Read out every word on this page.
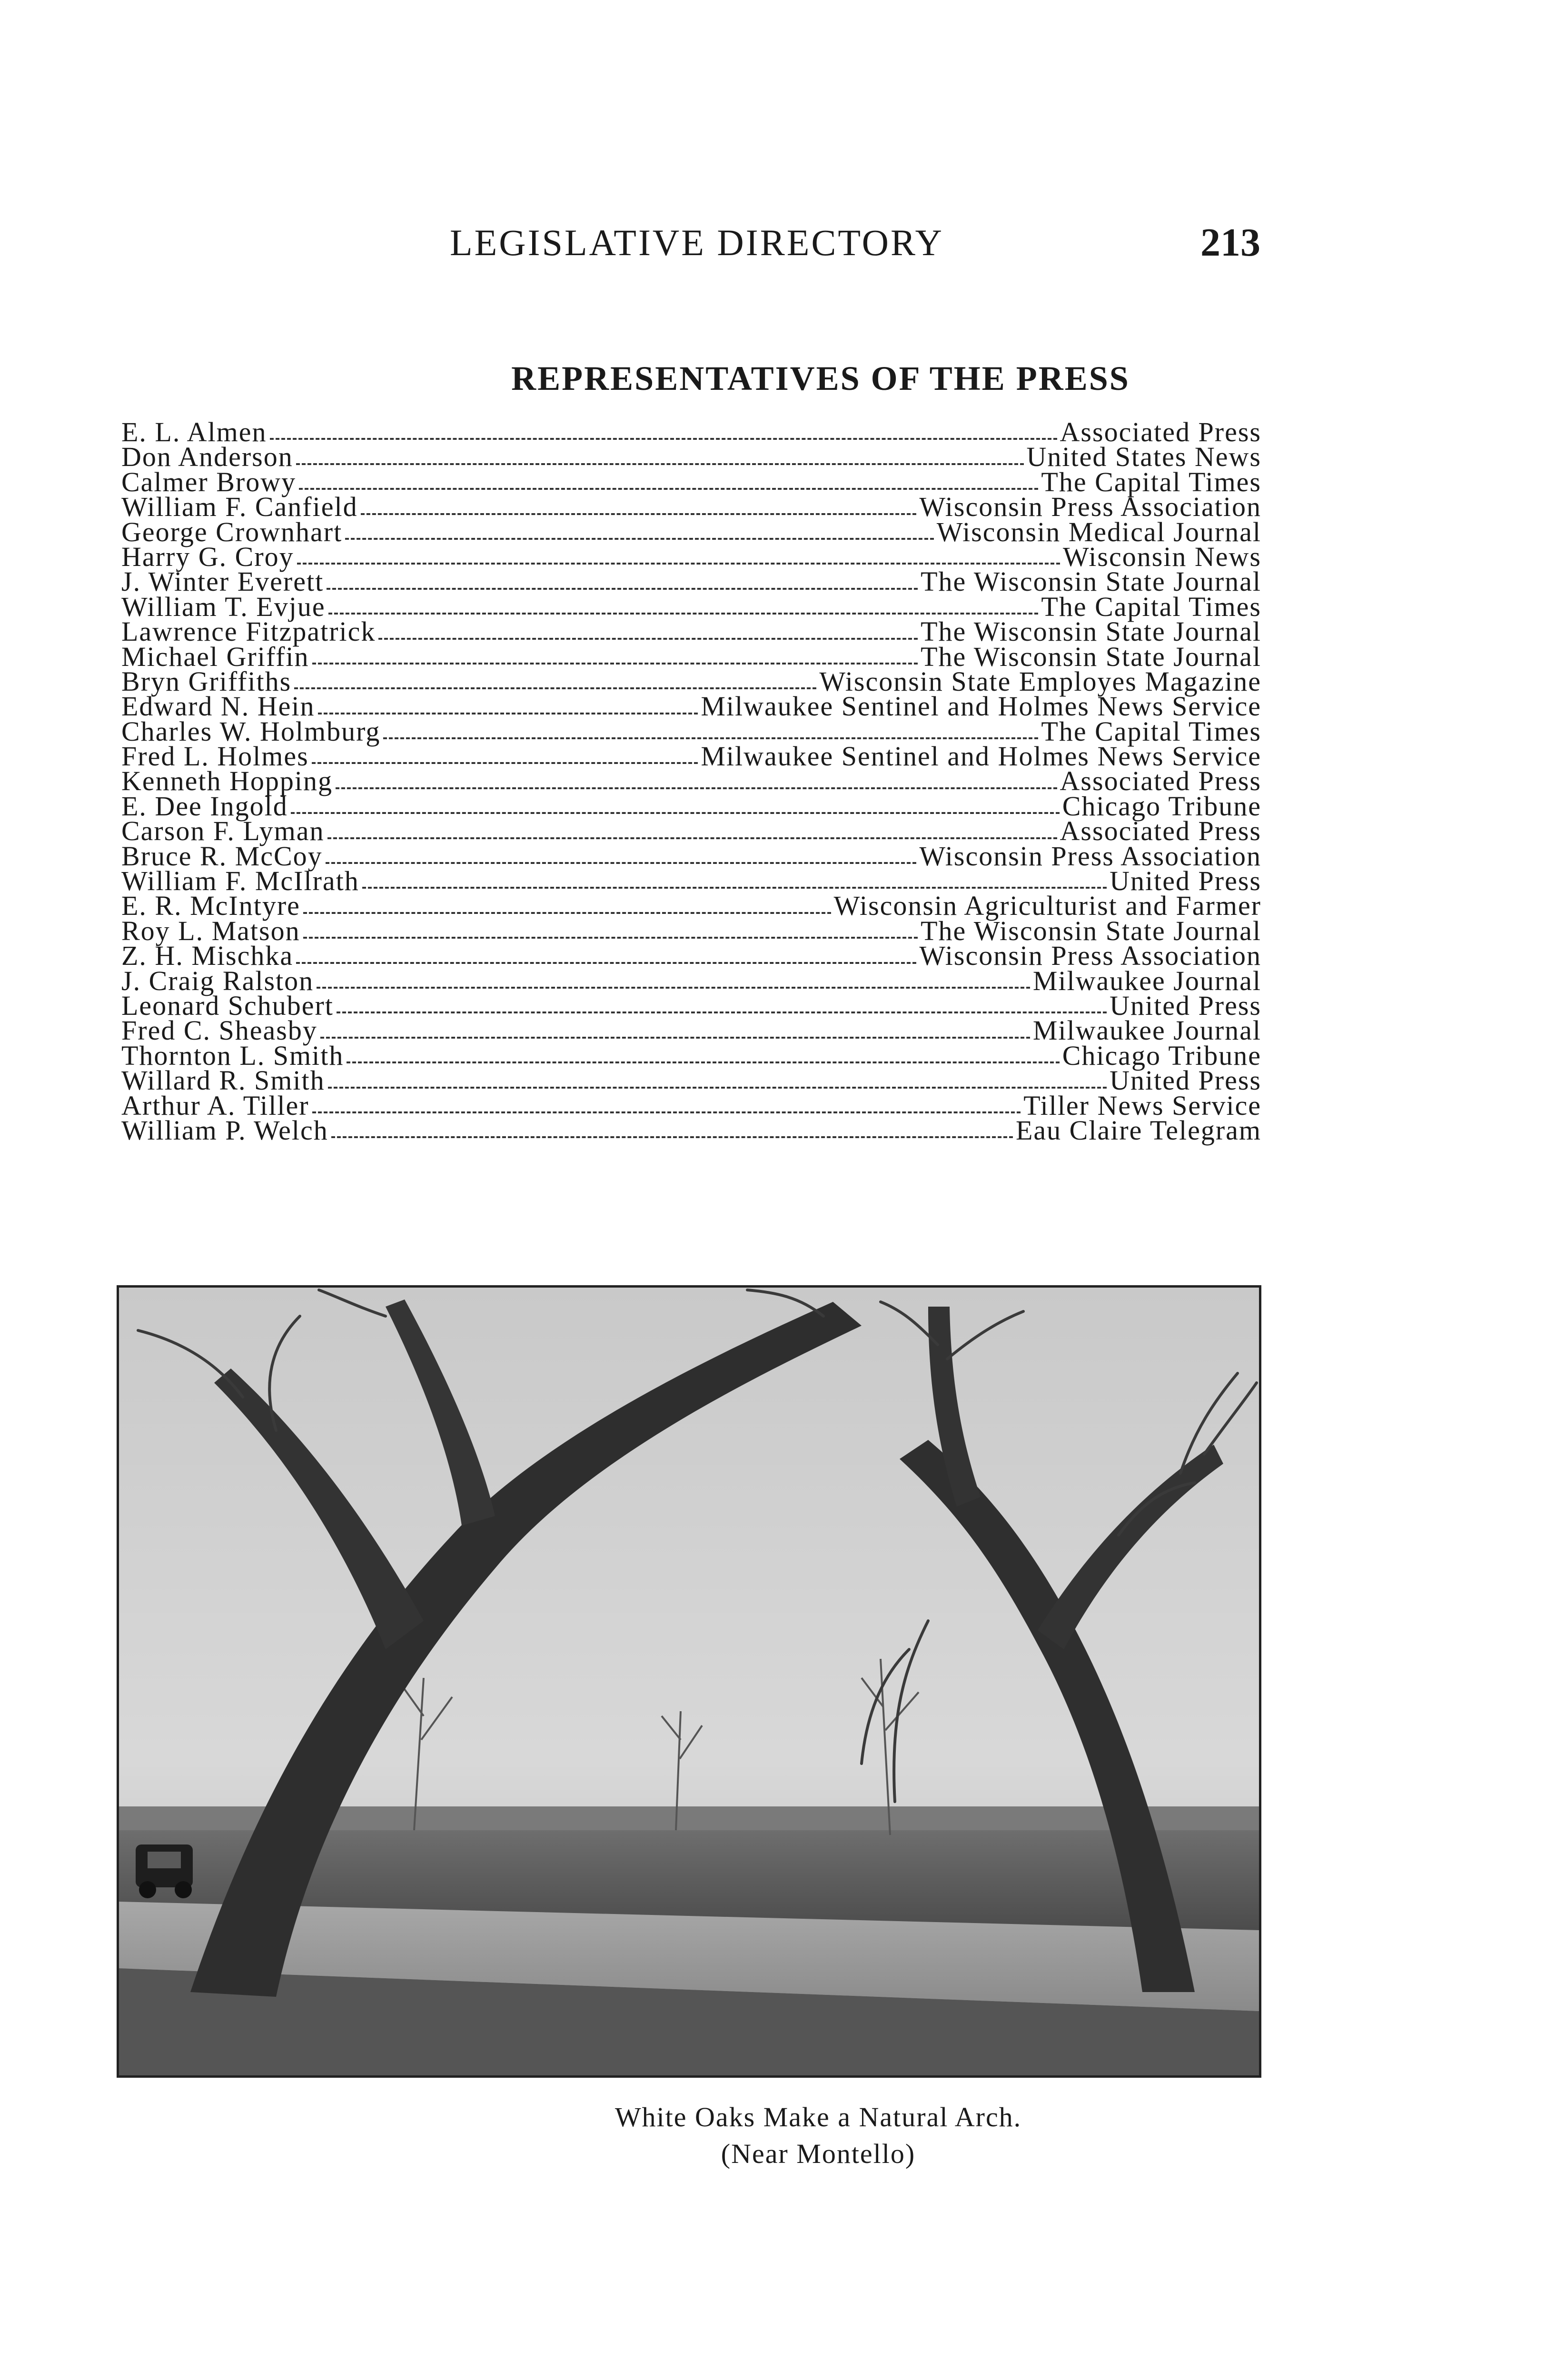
LEGISLATIVE DIRECTORY	213
REPRESENTATIVES OF THE PRESS
E. L. Almen	Associated Press
Don Anderson	United States News
Calmer Browy	The Capital Times
William F. Canfield	Wisconsin Press Association
George Crownhart	Wisconsin Medical Journal
Harry G. Croy	Wisconsin News
J. Winter Everett	The Wisconsin State Journal
William T. Evjue	The Capital Times
Lawrence Fitzpatrick	The Wisconsin State Journal
Michael Griffin	The Wisconsin State Journal
Bryn Griffiths	Wisconsin State Employes Magazine
Edward N. Hein	Milwaukee Sentinel and Holmes News Service
Charles W. Holmburg	The Capital Times
Fred L. Holmes	Milwaukee Sentinel and Holmes News Service
Kenneth Hopping	Associated Press
E. Dee Ingold	Chicago Tribune
Carson F. Lyman	Associated Press
Bruce R. McCoy	Wisconsin Press Association
William F. McIlrath	United Press
E. R. McIntyre	Wisconsin Agriculturist and Farmer
Roy L. Matson	The Wisconsin State Journal
Z. H. Mischka	Wisconsin Press Association
J. Craig Ralston	Milwaukee Journal
Leonard Schubert	United Press
Fred C. Sheasby	Milwaukee Journal
Thornton L. Smith	Chicago Tribune
Willard R. Smith	United Press
Arthur A. Tiller	Tiller News Service
William P. Welch	Eau Claire Telegram
White Oaks Make a Natural Arch.
(Near Montello)
